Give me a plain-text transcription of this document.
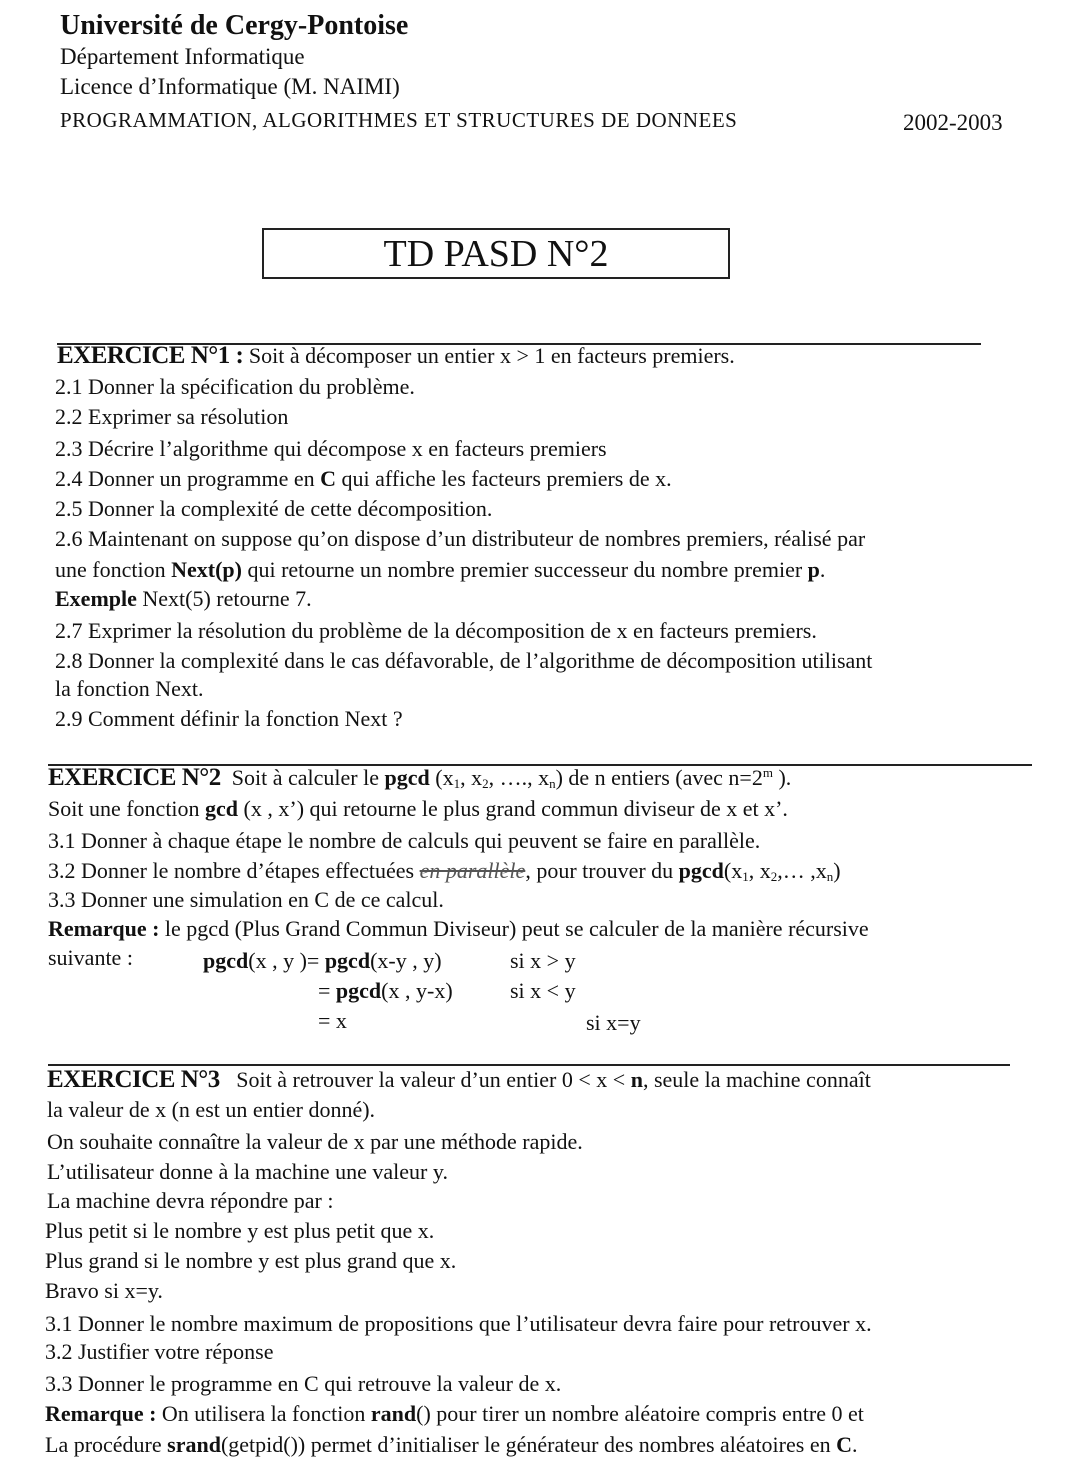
Université de Cergy-Pontoise
Département Informatique
Licence d’Informatique (M. NAIMI)
PROGRAMMATION, ALGORITHMES ET STRUCTURES DE DONNEES	2002-2003
TD PASD N°2
EXERCICE N°1 : Soit à décomposer un entier x > 1 en facteurs premiers.
2.1 Donner la spécification du problème.
2.2 Exprimer sa résolution
2.3 Décrire l’algorithme qui décompose x en facteurs premiers
2.4 Donner un programme en C qui affiche les facteurs premiers de x.
2.5 Donner la complexité de cette décomposition.
2.6 Maintenant on suppose qu’on dispose d’un distributeur de nombres premiers, réalisé par
une fonction Next(p) qui retourne un nombre premier successeur du nombre premier p.
Exemple Next(5) retourne 7.
2.7 Exprimer la résolution du problème de la décomposition de x en facteurs premiers.
2.8 Donner la complexité dans le cas défavorable, de l’algorithme de décomposition utilisant
la fonction Next.
2.9 Comment définir la fonction Next ?
EXERCICE N°2 Soit à calculer le pgcd ($x_1$, $x_2$, …., $x_n$) de n entiers (avec $n=2^m$ ).
Soit une fonction gcd (x , x’) qui retourne le plus grand commun diviseur de x et x’.
3.1 Donner à chaque étape le nombre de calculs qui peuvent se faire en parallèle.
3.2 Donner le nombre d’étapes effectuées en parallèle, pour trouver du $pgcd(x_1$, $x_2,\dots$ $,x_n$)
3.3 Donner une simulation en C de ce calcul.
Remarque : le pgcd (Plus Grand Commun Diviseur) peut se calculer de la manière récursive
suivante :	pgcd(x , y )= pgcd(x-y , y)	si x > y
= pgcd(x , y-x)	si x < y
= x	si x=y
EXERCICE N°3 Soit à retrouver la valeur d’un entier 0 < x < n, seule la machine connaît
la valeur de x (n est un entier donné).
On souhaite connaître la valeur de x par une méthode rapide.
L’utilisateur donne à la machine une valeur y.
La machine devra répondre par :
Plus petit si le nombre y est plus petit que x.
Plus grand si le nombre y est plus grand que x.
Bravo si x=y.
3.1 Donner le nombre maximum de propositions que l’utilisateur devra faire pour retrouver x.
3.2 Justifier votre réponse
3.3 Donner le programme en C qui retrouve la valeur de x.
Remarque : On utilisera la fonction rand() pour tirer un nombre aléatoire compris entre 0 et
La procédure srand(getpid()) permet d’initialiser le générateur des nombres aléatoires en C.
